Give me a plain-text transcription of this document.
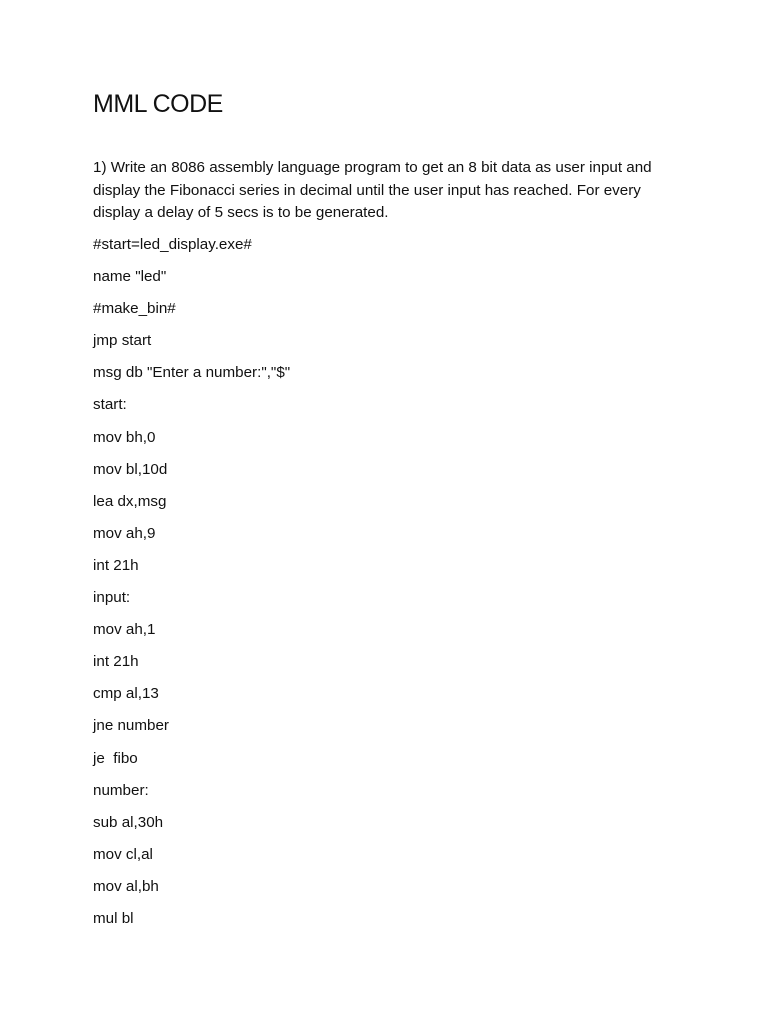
MML CODE

1) Write an 8086 assembly language program to get an 8 bit data as user input and display the Fibonacci series in decimal until the user input has reached. For every display a delay of 5 secs is to be generated.

#start=led_display.exe#
name "led"
#make_bin#
jmp start
msg db "Enter a number:","$"
start:
mov bh,0
mov bl,10d
lea dx,msg
mov ah,9
int 21h
input:
mov ah,1
int 21h
cmp al,13
jne number
je  fibo
number:
sub al,30h
mov cl,al
mov al,bh
mul bl
